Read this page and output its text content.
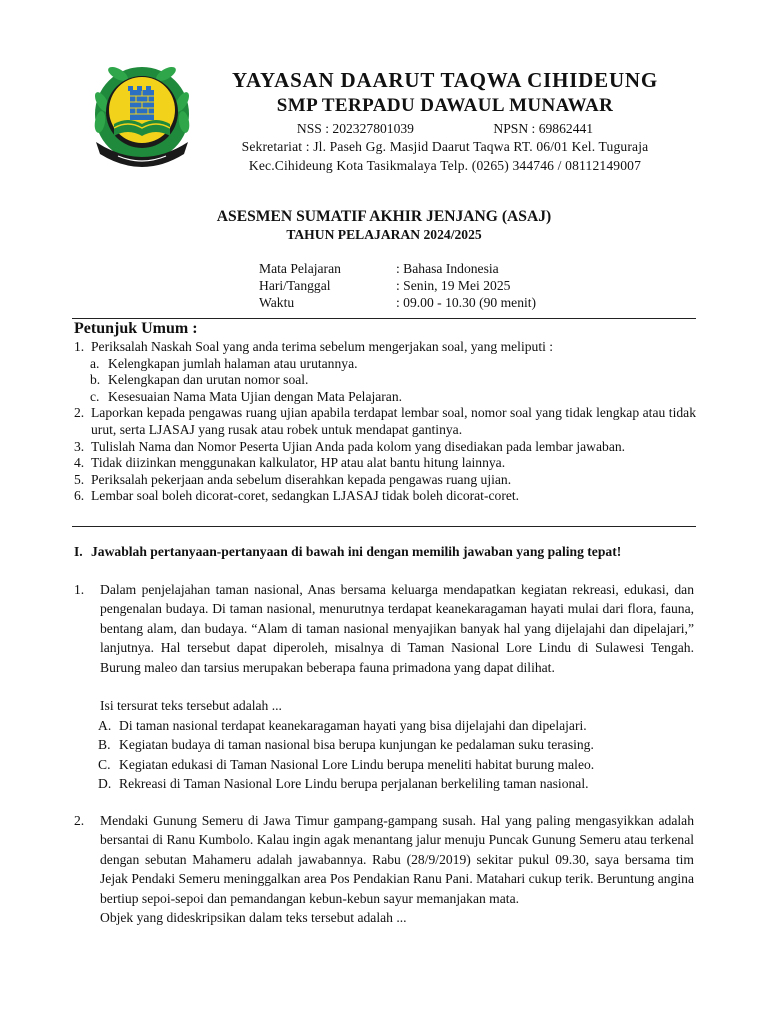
YAYASAN DAARUT TAQWA CIHIDEUNG
SMP TERPADU DAWAUL MUNAWAR
NSS : 202327801039	NPSN : 69862441
Sekretariat : Jl. Paseh Gg. Masjid Daarut Taqwa RT. 06/01 Kel. Tuguraja
Kec.Cihideung Kota Tasikmalaya Telp. (0265) 344746 / 08112149007
ASESMEN SUMATIF AKHIR JENJANG (ASAJ)
TAHUN PELAJARAN 2024/2025
Mata Pelajaran	: Bahasa Indonesia
Hari/Tanggal	: Senin, 19 Mei 2025
Waktu	: 09.00 - 10.30 (90 menit)
Petunjuk Umum :
1. Periksalah Naskah Soal yang anda terima sebelum mengerjakan soal, yang meliputi :
a. Kelengkapan jumlah halaman atau urutannya.
b. Kelengkapan dan urutan nomor soal.
c. Kesesuaian Nama Mata Ujian dengan Mata Pelajaran.
2. Laporkan kepada pengawas ruang ujian apabila terdapat lembar soal, nomor soal yang tidak lengkap atau tidak urut, serta LJASAJ yang rusak atau robek untuk mendapat gantinya.
3. Tulislah Nama dan Nomor Peserta Ujian Anda pada kolom yang disediakan pada lembar jawaban.
4. Tidak diizinkan menggunakan kalkulator, HP atau alat bantu hitung lainnya.
5. Periksalah pekerjaan anda sebelum diserahkan kepada pengawas ruang ujian.
6. Lembar soal boleh dicorat-coret, sedangkan LJASAJ tidak boleh dicorat-coret.
I. Jawablah pertanyaan-pertanyaan di bawah ini dengan memilih jawaban yang paling tepat!
1.	Dalam penjelajahan taman nasional, Anas bersama keluarga mendapatkan kegiatan rekreasi, edukasi, dan pengenalan budaya. Di taman nasional, menurutnya terdapat keanekaragaman hayati mulai dari flora, fauna, bentang alam, dan budaya. “Alam di taman nasional menyajikan banyak hal yang dijelajahi dan dipelajari,” lanjutnya. Hal tersebut dapat diperoleh, misalnya di Taman Nasional Lore Lindu di Sulawesi Tengah. Burung maleo dan tarsius merupakan beberapa fauna primadona yang dapat dilihat.
Isi tersurat teks tersebut adalah ...
A. Di taman nasional terdapat keanekaragaman hayati yang bisa dijelajahi dan dipelajari.
B. Kegiatan budaya di taman nasional bisa berupa kunjungan ke pedalaman suku terasing.
C. Kegiatan edukasi di Taman Nasional Lore Lindu berupa meneliti habitat burung maleo.
D. Rekreasi di Taman Nasional Lore Lindu berupa perjalanan berkeliling taman nasional.
2.	Mendaki Gunung Semeru di Jawa Timur gampang-gampang susah. Hal yang paling mengasyikkan adalah bersantai di Ranu Kumbolo. Kalau ingin agak menantang jalur menuju Puncak Gunung Semeru atau terkenal dengan sebutan Mahameru adalah jawabannya. Rabu (28/9/2019) sekitar pukul 09.30, saya bersama tim Jejak Pendaki Semeru meninggalkan area Pos Pendakian Ranu Pani. Matahari cukup terik. Beruntung angina bertiup sepoi-sepoi dan pemandangan kebun-kebun sayur memanjakan mata.
Objek yang dideskripsikan dalam teks tersebut adalah ...
